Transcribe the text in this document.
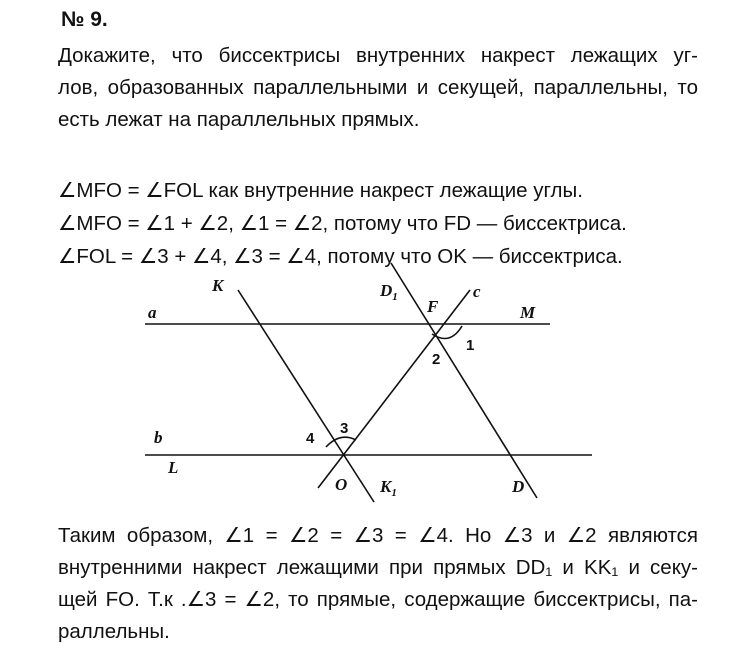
№ 9.

Докажите, что биссектрисы внутренних накрест лежащих уг-
лов, образованных параллельными и секущей, параллельны, то
есть лежат на параллельных прямых.

∠MFO = ∠FOL как внутренние накрест лежащие углы.
∠MFO = ∠1 + ∠2, ∠1 = ∠2, потому что FD — биссектриса.
∠FOL = ∠3 + ∠4, ∠3 = ∠4, потому что OK — биссектриса.

a
b
M
L
K	$D_1$ F
c
O $K_1$	D
1
2
3
4

Таким образом, ∠1 = ∠2 = ∠3 = ∠4. Но ∠3 и ∠2 являются
внутренними накрест лежащими при прямых DD₁ и KK₁ и секу-
щей FO. Т.к .∠3 = ∠2, то прямые, содержащие биссектрисы, па-
раллельны.
